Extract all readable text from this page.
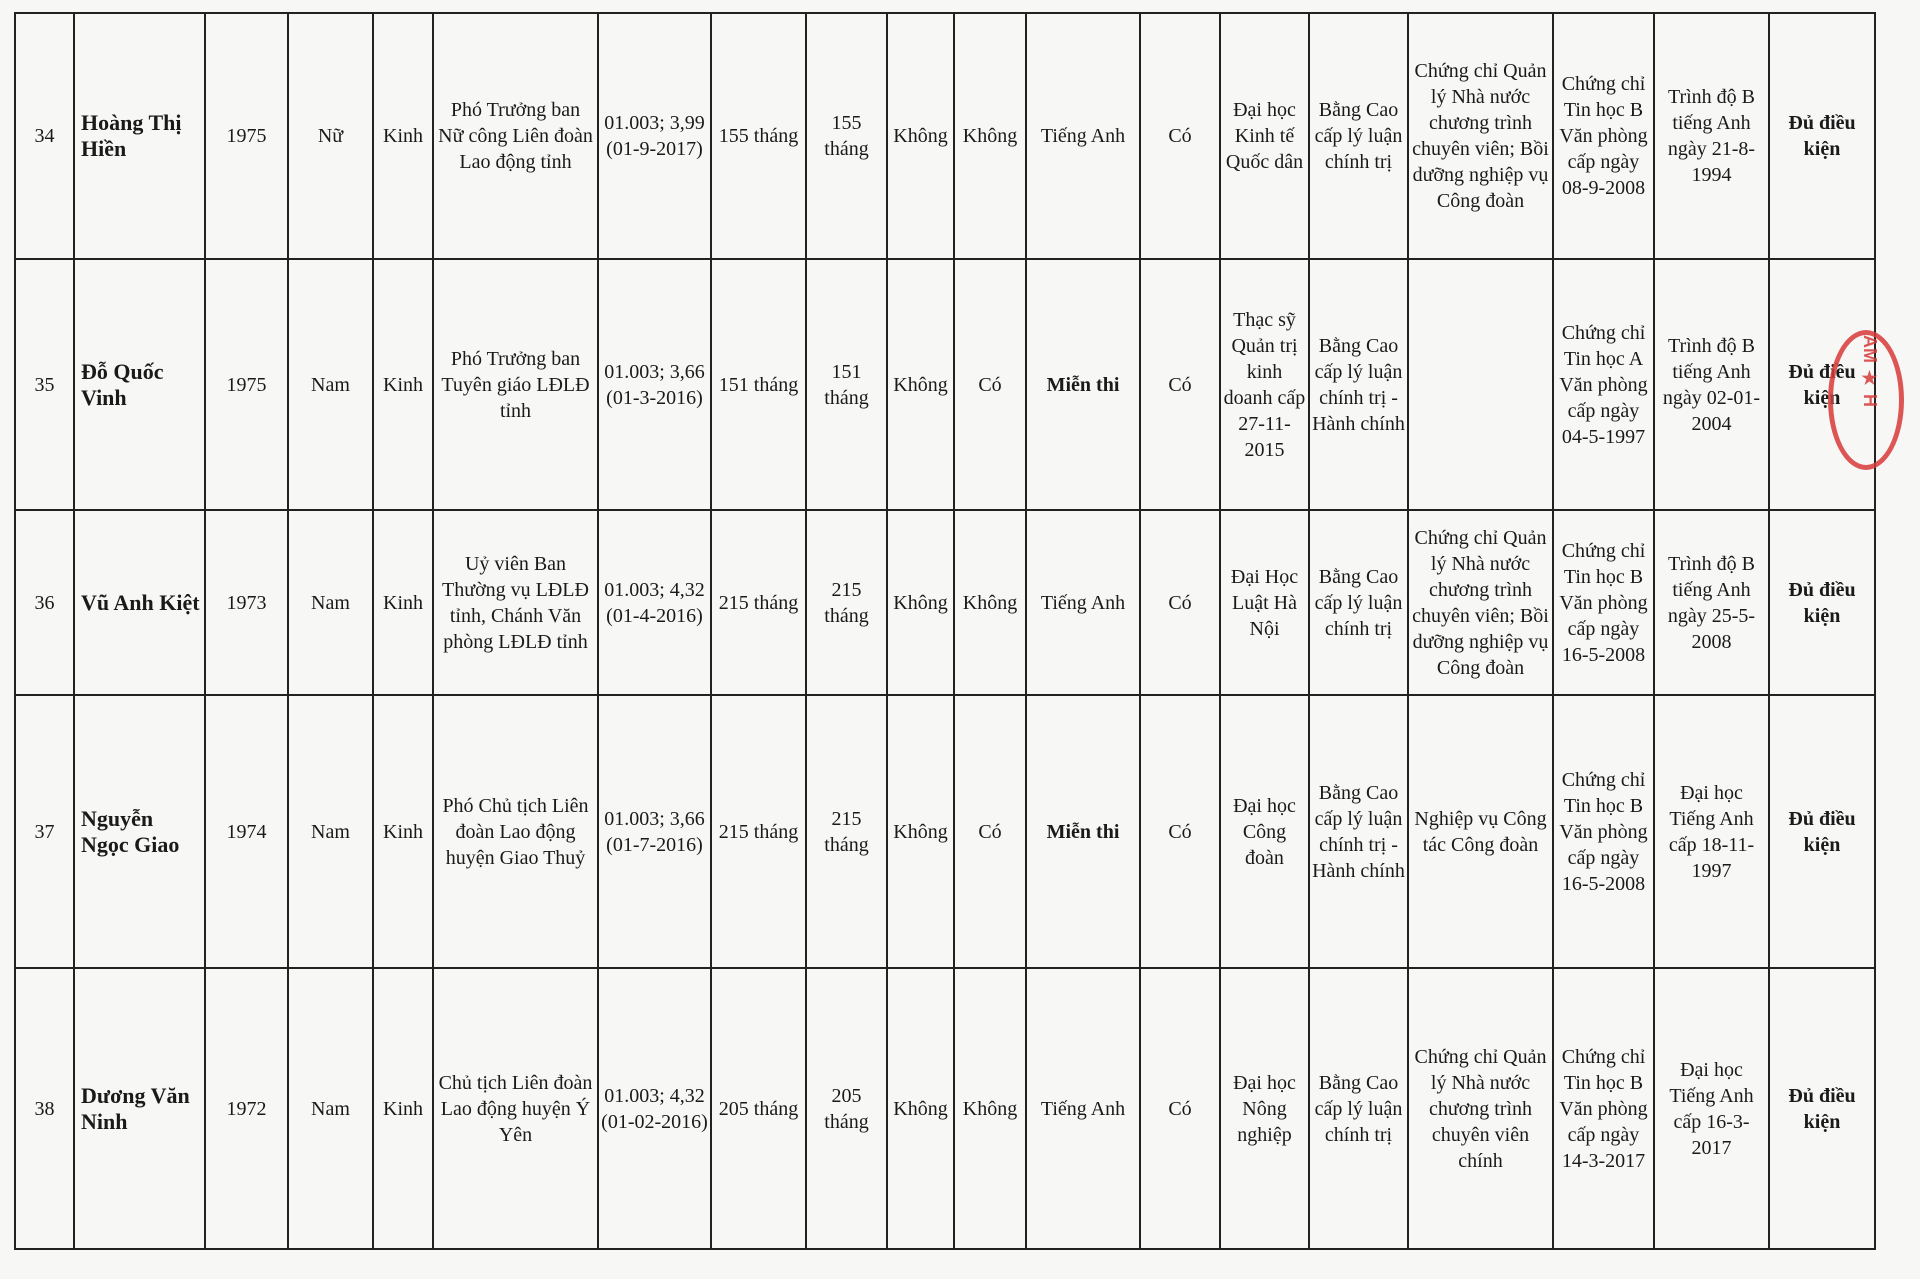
34	Hoàng Thị Hiền	1975	Nữ	Kinh	Phó Trưởng ban Nữ công Liên đoàn Lao động tỉnh	01.003; 3,99 (01-9-2017)	155 tháng	155 tháng	Không	Không	Tiếng Anh	Có	Đại học Kinh tế Quốc dân	Bằng Cao cấp lý luận chính trị	Chứng chỉ Quản lý Nhà nước chương trình chuyên viên; Bồi dưỡng nghiệp vụ Công đoàn	Chứng chỉ Tin học B Văn phòng cấp ngày 08-9-2008	Trình độ B tiếng Anh ngày 21-8-1994	Đủ điều kiện
35	Đỗ Quốc Vinh	1975	Nam	Kinh	Phó Trưởng ban Tuyên giáo LĐLĐ tỉnh	01.003; 3,66 (01-3-2016)	151 tháng	151 tháng	Không	Có	Miễn thi	Có	Thạc sỹ Quản trị kinh doanh cấp 27-11-2015	Bằng Cao cấp lý luận chính trị - Hành chính		Chứng chỉ Tin học A Văn phòng cấp ngày 04-5-1997	Trình độ B tiếng Anh ngày 02-01-2004	Đủ điều kiện
36	Vũ Anh Kiệt	1973	Nam	Kinh	Uỷ viên Ban Thường vụ LĐLĐ tỉnh, Chánh Văn phòng LĐLĐ tỉnh	01.003; 4,32 (01-4-2016)	215 tháng	215 tháng	Không	Không	Tiếng Anh	Có	Đại Học Luật Hà Nội	Bằng Cao cấp lý luận chính trị	Chứng chỉ Quản lý Nhà nước chương trình chuyên viên; Bồi dưỡng nghiệp vụ Công đoàn	Chứng chỉ Tin học B Văn phòng cấp ngày 16-5-2008	Trình độ B tiếng Anh ngày 25-5-2008	Đủ điều kiện
37	Nguyễn Ngọc Giao	1974	Nam	Kinh	Phó Chủ tịch Liên đoàn Lao động huyện Giao Thuỷ	01.003; 3,66 (01-7-2016)	215 tháng	215 tháng	Không	Có	Miễn thi	Có	Đại học Công đoàn	Bằng Cao cấp lý luận chính trị - Hành chính	Nghiệp vụ Công tác Công đoàn	Chứng chỉ Tin học B Văn phòng cấp ngày 16-5-2008	Đại học Tiếng Anh cấp 18-11-1997	Đủ điều kiện
38	Dương Văn Ninh	1972	Nam	Kinh	Chủ tịch Liên đoàn Lao động huyện Ý Yên	01.003; 4,32 (01-02-2016)	205 tháng	205 tháng	Không	Không	Tiếng Anh	Có	Đại học Nông nghiệp	Bằng Cao cấp lý luận chính trị	Chứng chỉ Quản lý Nhà nước chương trình chuyên viên chính	Chứng chỉ Tin học B Văn phòng cấp ngày 14-3-2017	Đại học Tiếng Anh cấp 16-3-2017	Đủ điều kiện
AM ★ H
